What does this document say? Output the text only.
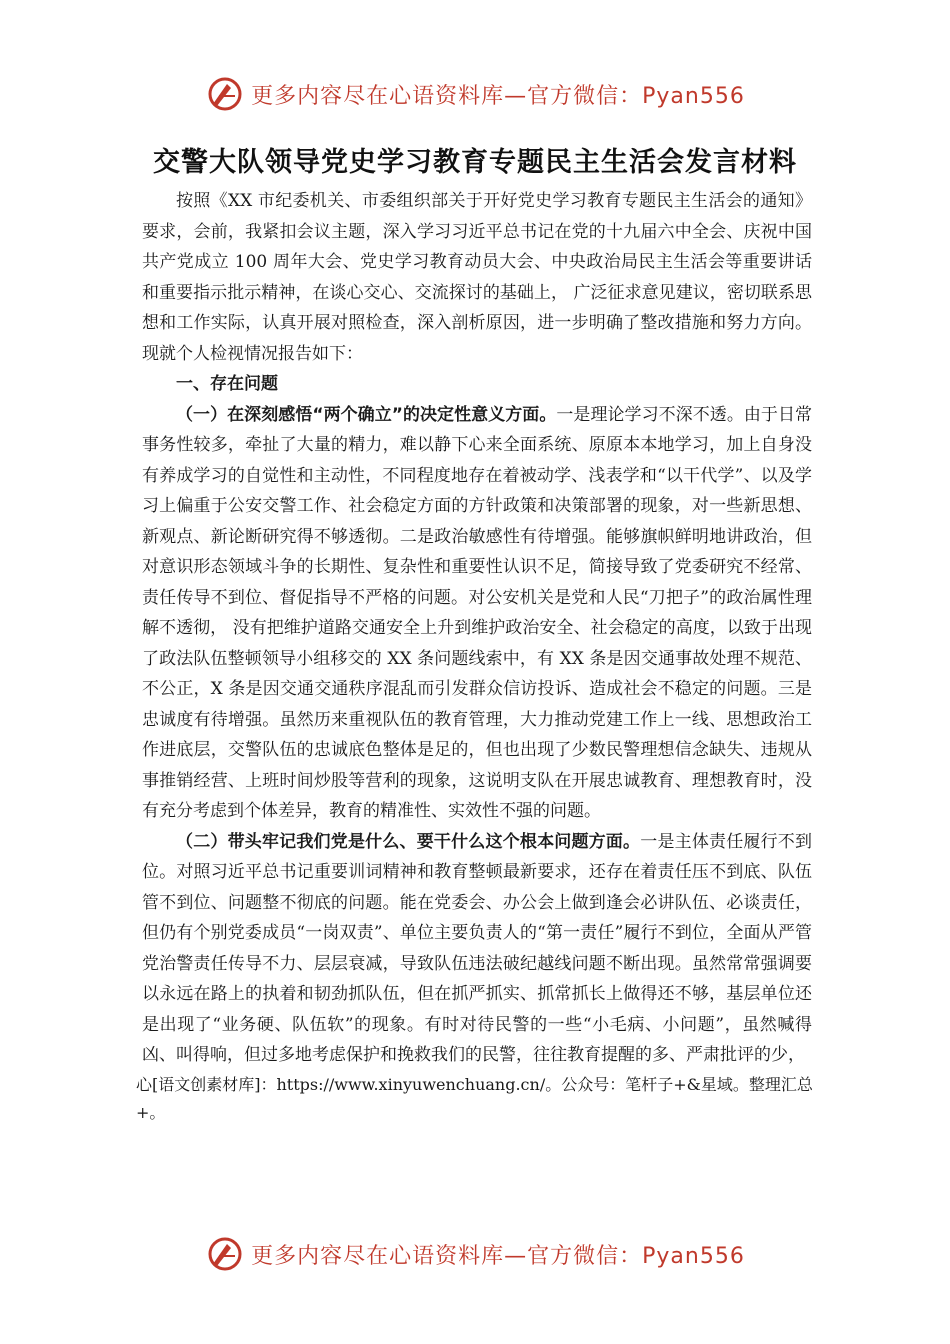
更多内容尽在心语资料库—官方微信：Pyan556
交警大队领导党史学习教育专题民主生活会发言材料

按照《XX 市纪委机关、市委组织部关于开好党史学习教育专题民主生活会的通知》要求，会前，我紧扣会议主题，深入学习习近平总书记在党的十九届六中全会、庆祝中国共产党成立 100 周年大会、党史学习教育动员大会、中央政治局民主生活会等重要讲话和重要指示批示精神，在谈心交心、交流探讨的基础上， 广泛征求意见建议，密切联系思想和工作实际，认真开展对照检查，深入剖析原因，进一步明确了整改措施和努力方向。现就个人检视情况报告如下：

一、存在问题

（一）在深刻感悟“两个确立”的决定性意义方面。一是理论学习不深不透。由于日常事务性较多，牵扯了大量的精力，难以静下心来全面系统、原原本本地学习，加上自身没有养成学习的自觉性和主动性，不同程度地存在着被动学、浅表学和“以干代学”、以及学习上偏重于公安交警工作、社会稳定方面的方针政策和决策部署的现象，对一些新思想、新观点、新论断研究得不够透彻。二是政治敏感性有待增强。能够旗帜鲜明地讲政治，但对意识形态领域斗争的长期性、复杂性和重要性认识不足，简接导致了党委研究不经常、责任传导不到位、督促指导不严格的问题。对公安机关是党和人民“刀把子”的政治属性理解不透彻， 没有把维护道路交通安全上升到维护政治安全、社会稳定的高度，以致于出现了政法队伍整顿领导小组移交的 XX 条问题线索中，有 XX 条是因交通事故处理不规范、不公正，X 条是因交通交通秩序混乱而引发群众信访投诉、造成社会不稳定的问题。三是忠诚度有待增强。虽然历来重视队伍的教育管理，大力推动党建工作上一线、思想政治工作进底层，交警队伍的忠诚底色整体是足的，但也出现了少数民警理想信念缺失、违规从事推销经营、上班时间炒股等营利的现象，这说明支队在开展忠诚教育、理想教育时，没有充分考虑到个体差异，教育的精准性、实效性不强的问题。

（二）带头牢记我们党是什么、要干什么这个根本问题方面。一是主体责任履行不到位。对照习近平总书记重要训词精神和教育整顿最新要求，还存在着责任压不到底、队伍管不到位、问题整不彻底的问题。能在党委会、办公会上做到逢会必讲队伍、必谈责任，但仍有个别党委成员“一岗双责”、单位主要负责人的“第一责任”履行不到位，全面从严管党治警责任传导不力、层层衰减，导致队伍违法破纪越线问题不断出现。虽然常常强调要以永远在路上的执着和韧劲抓队伍，但在抓严抓实、抓常抓长上做得还不够，基层单位还是出现了“业务硬、队伍软”的现象。有时对待民警的一些“小毛病、小问题”，虽然喊得凶、叫得响，但过多地考虑保护和挽救我们的民警，往往教育提醒的多、严肃批评的少，

心[语文创素材库]：https://www.xinyuwenchuang.cn/。公众号：笔杆子+&星域。整理汇总+。

更多内容尽在心语资料库—官方微信：Pyan556
